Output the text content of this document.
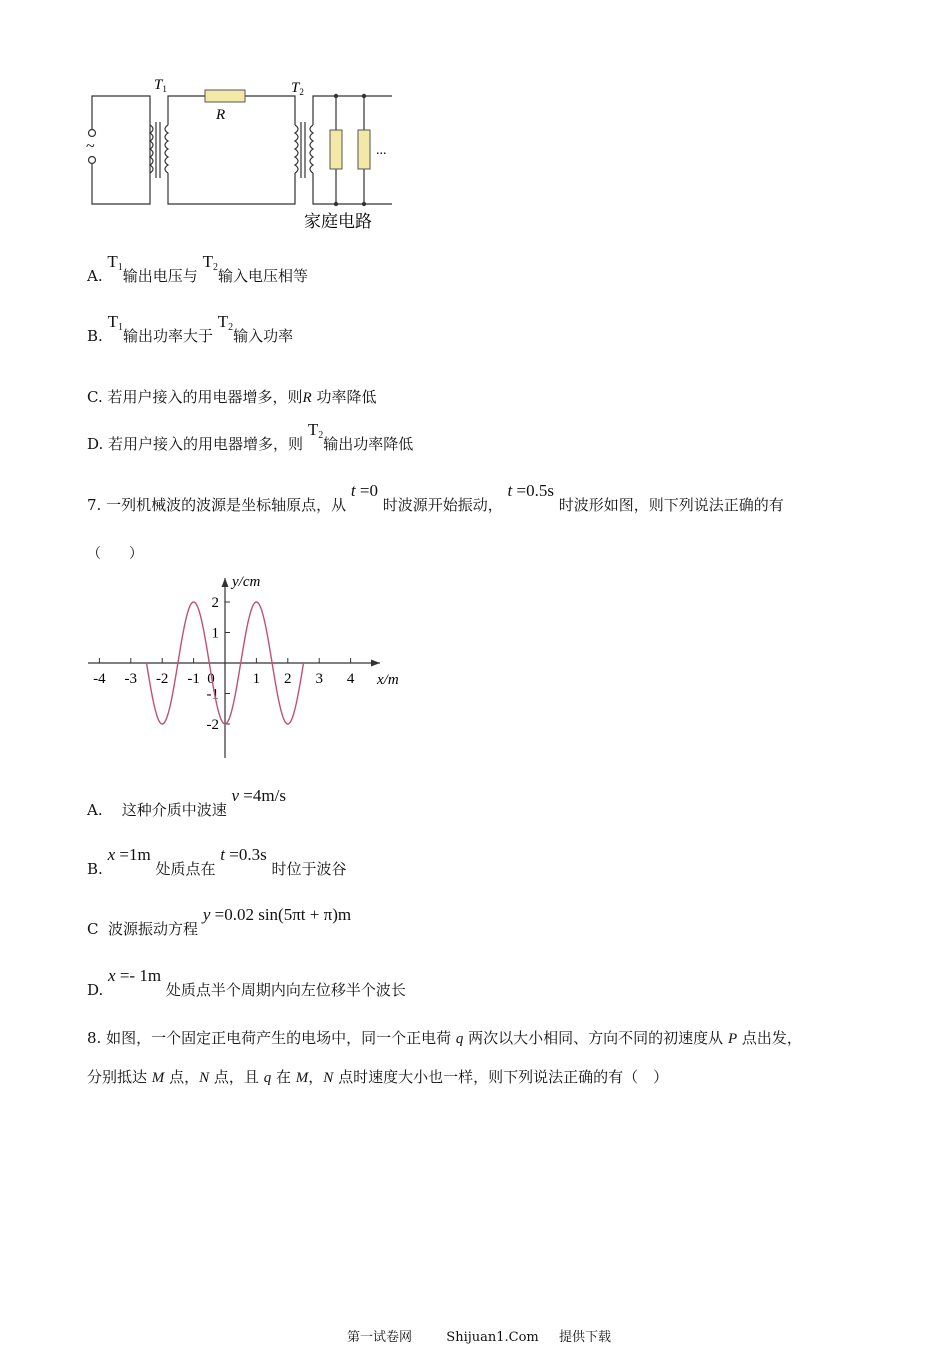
~
$T_1$
R
$T_2$
...
家庭电路
A. T1输出电压与 T2输入电压相等
B. T1输出功率大于 T2输入功率
C. 若用户接入的用电器增多，则R 功率降低
D. 若用户接入的用电器增多，则 T2输出功率降低
7. 一列机械波的波源是坐标轴原点，从 t =0 时波源开始振动， t =0.5s 时波形如图，则下列说法正确的有
（　　）
-4 -3 -2 -1 0	1 2 3 4
2
1
-1
-2
y/cm
x/m
A. 这种介质中波速 v =4m/s
B. x =1m 处质点在 t =0.3s 时位于波谷
C 波源振动方程 y =0.02 sin(5πt + π)m
D. x =- 1m 处质点半个周期内向左位移半个波长
8. 如图，一个固定正电荷产生的电场中，同一个正电荷 q 两次以大小相同、方向不同的初速度从 P 点出发，
分别抵达 M 点，N 点，且 q 在 M，N 点时速度大小也一样，则下列说法正确的有（　）
第一试卷网	Shijuan1.Com 提供下载
